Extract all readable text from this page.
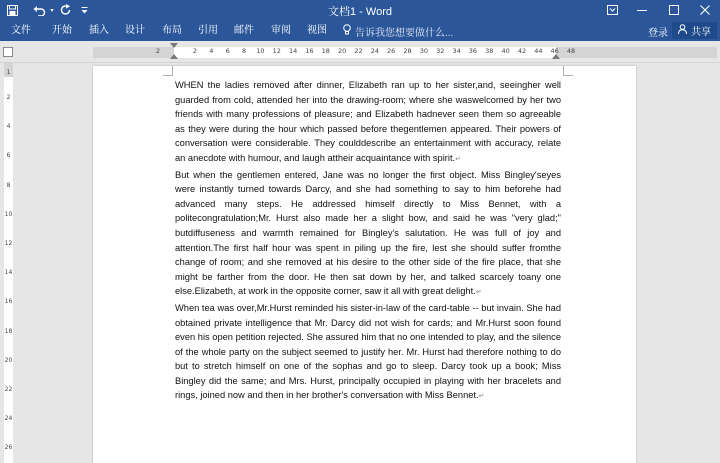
▾	文档1 - Word
文件 开始 插入 设计 布局 引用 邮件 审阅 视图	告诉我您想要做什么...	登录 共享
2	2 4 6 8 10 12 14 16 18 20 22 24 26 28 30 32 34 36 38 40 42 44 46 48
1
2
4
6
8
10
12
14
16
18
20
22
24
26

WHEN the ladies removed after dinner, Elizabeth ran up to her sister,and, seeingher well guarded from cold, attended her into the drawing-room; where she waswelcomed by her two friends with many professions of pleasure; and Elizabeth hadnever seen them so agreeable as they were during the hour which passed before thegentlemen appeared. Their powers of conversation were considerable. They coulddescribe an entertainment with accuracy, relate an anecdote with humour, and laugh attheir acquaintance with spirit.↵

But when the gentlemen entered, Jane was no longer the first object. Miss Bingley'seyes were instantly turned towards Darcy, and she had something to say to him beforehe had advanced many steps. He addressed himself directly to Miss Bennet, with a politecongratulation;Mr. Hurst also made her a slight bow, and said he was "very glad;" butdiffuseness and warmth remained for Bingley's salutation. He was full of joy and attention.The first half hour was spent in piling up the fire, lest she should suffer fromthe change of room; and she removed at his desire to the other side of the fire place, that she might be farther from the door. He then sat down by her, and talked scarcely toany one else.Elizabeth, at work in the opposite corner, saw it all with great delight.↵

When tea was over,Mr.Hurst reminded his sister-in-law of the card-table -- but invain. She had obtained private intelligence that Mr. Darcy did not wish for cards; and Mr.Hurst soon found even his open petition rejected. She assured him that no one intended to play, and the silence of the whole party on the subject seemed to justify her. Mr. Hurst had therefore nothing to do but to stretch himself on one of the sophas and go to sleep. Darcy took up a book; Miss Bingley did the same; and Mrs. Hurst, principally occupied in playing with her bracelets and rings, joined now and then in her brother's conversation with Miss Bennet.↵
